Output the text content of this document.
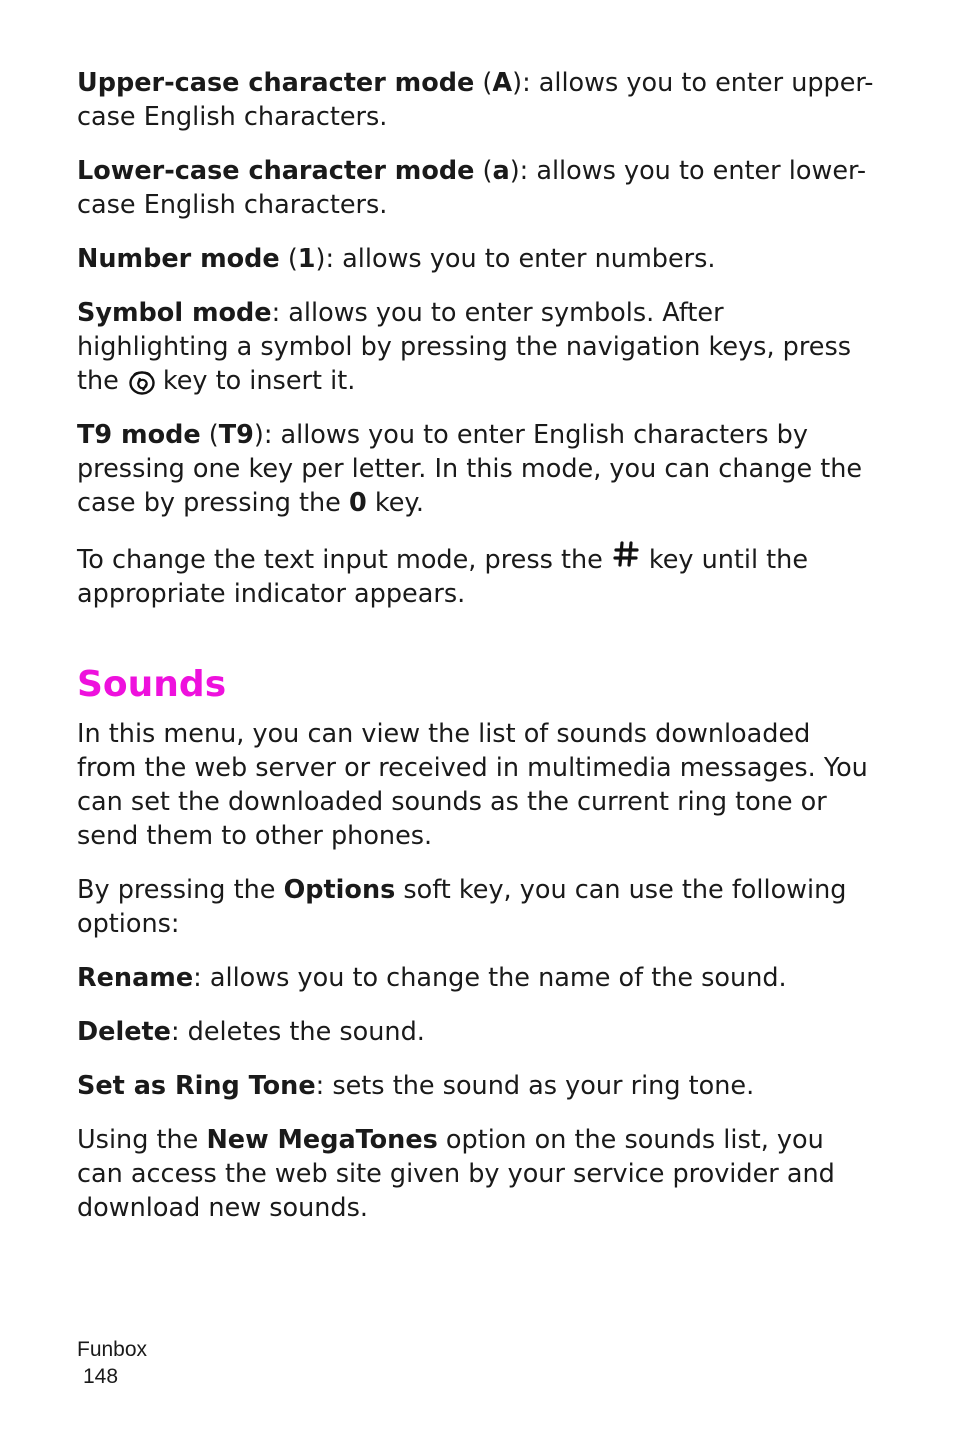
Upper-case character mode (A): allows you to enter upper-case English characters.

Lower-case character mode (a): allows you to enter lower-case English characters.

Number mode (1): allows you to enter numbers.

Symbol mode: allows you to enter symbols. After highlighting a symbol by pressing the navigation keys, press the key to insert it.

T9 mode (T9): allows you to enter English characters by pressing one key per letter. In this mode, you can change the case by pressing the 0 key.

To change the text input mode, press the key until the appropriate indicator appears.

Sounds

In this menu, you can view the list of sounds downloaded from the web server or received in multimedia messages. You can set the downloaded sounds as the current ring tone or send them to other phones.

By pressing the Options soft key, you can use the following options:

Rename: allows you to change the name of the sound.

Delete: deletes the sound.

Set as Ring Tone: sets the sound as your ring tone.

Using the New MegaTones option on the sounds list, you can access the web site given by your service provider and download new sounds.

Funbox
148
